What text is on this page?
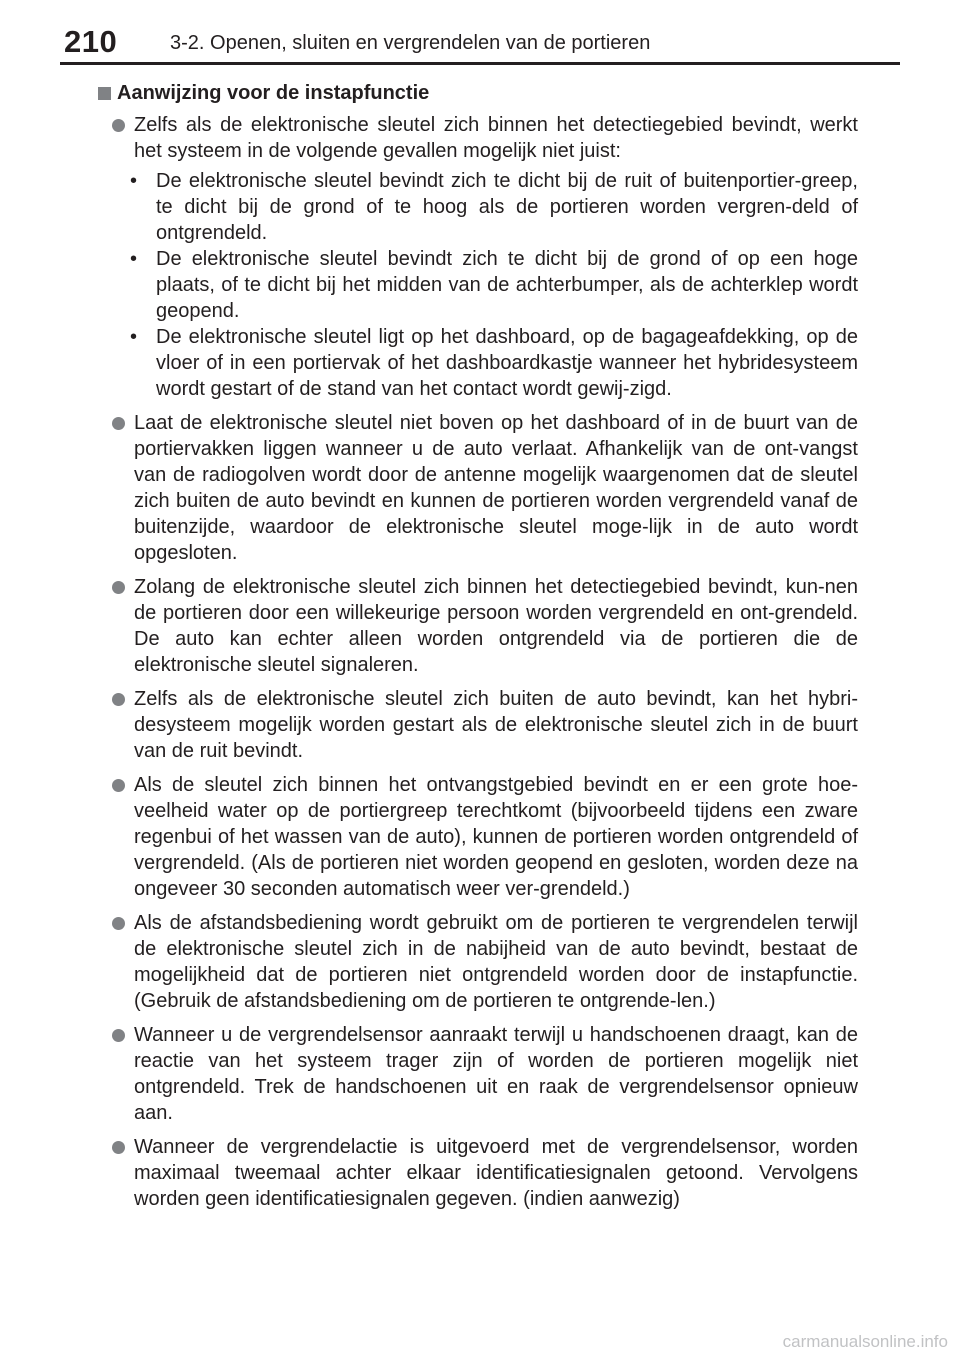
210	3-2. Openen, sluiten en vergrendelen van de portieren
Aanwijzing voor de instapfunctie
Zelfs als de elektronische sleutel zich binnen het detectiegebied bevindt, werkt het systeem in de volgende gevallen mogelijk niet juist:
• De elektronische sleutel bevindt zich te dicht bij de ruit of buitenportier-greep, te dicht bij de grond of te hoog als de portieren worden vergren-deld of ontgrendeld.
• De elektronische sleutel bevindt zich te dicht bij de grond of op een hoge plaats, of te dicht bij het midden van de achterbumper, als de achterklep wordt geopend.
• De elektronische sleutel ligt op het dashboard, op de bagageafdekking, op de vloer of in een portiervak of het dashboardkastje wanneer het hybridesysteem wordt gestart of de stand van het contact wordt gewij-zigd.
Laat de elektronische sleutel niet boven op het dashboard of in de buurt van de portiervakken liggen wanneer u de auto verlaat. Afhankelijk van de ont-vangst van de radiogolven wordt door de antenne mogelijk waargenomen dat de sleutel zich buiten de auto bevindt en kunnen de portieren worden vergrendeld vanaf de buitenzijde, waardoor de elektronische sleutel moge-lijk in de auto wordt opgesloten.
Zolang de elektronische sleutel zich binnen het detectiegebied bevindt, kun-nen de portieren door een willekeurige persoon worden vergrendeld en ont-grendeld. De auto kan echter alleen worden ontgrendeld via de portieren die de elektronische sleutel signaleren.
Zelfs als de elektronische sleutel zich buiten de auto bevindt, kan het hybri-desysteem mogelijk worden gestart als de elektronische sleutel zich in de buurt van de ruit bevindt.
Als de sleutel zich binnen het ontvangstgebied bevindt en er een grote hoe-veelheid water op de portiergreep terechtkomt (bijvoorbeeld tijdens een zware regenbui of het wassen van de auto), kunnen de portieren worden ontgrendeld of vergrendeld. (Als de portieren niet worden geopend en gesloten, worden deze na ongeveer 30 seconden automatisch weer ver-grendeld.)
Als de afstandsbediening wordt gebruikt om de portieren te vergrendelen terwijl de elektronische sleutel zich in de nabijheid van de auto bevindt, bestaat de mogelijkheid dat de portieren niet ontgrendeld worden door de instapfunctie. (Gebruik de afstandsbediening om de portieren te ontgrende-len.)
Wanneer u de vergrendelsensor aanraakt terwijl u handschoenen draagt, kan de reactie van het systeem trager zijn of worden de portieren mogelijk niet ontgrendeld. Trek de handschoenen uit en raak de vergrendelsensor opnieuw aan.
Wanneer de vergrendelactie is uitgevoerd met de vergrendelsensor, worden maximaal tweemaal achter elkaar identificatiesignalen getoond. Vervolgens worden geen identificatiesignalen gegeven. (indien aanwezig)
carmanualsonline.info
